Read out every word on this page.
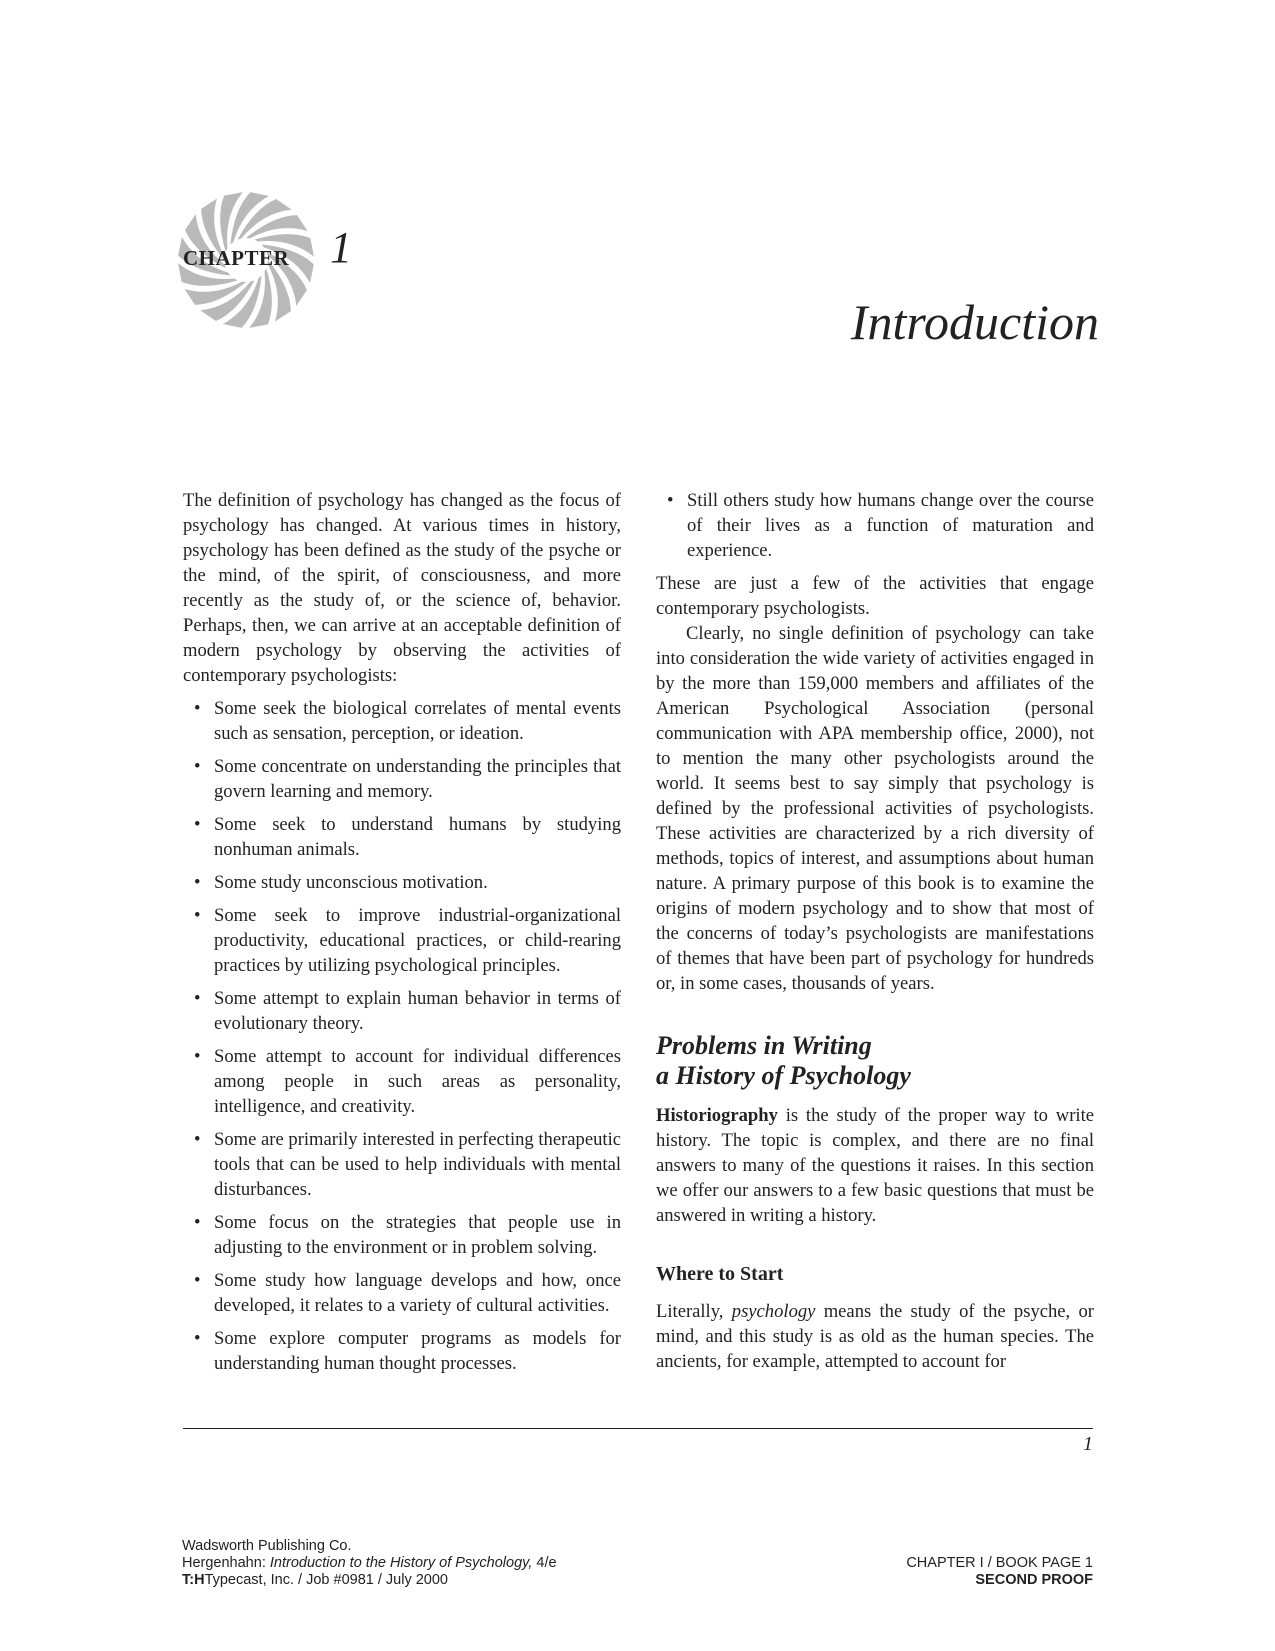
CHAPTER 1
Introduction

The definition of psychology has changed as the focus of psychology has changed. At various times in history, psychology has been defined as the study of the psyche or the mind, of the spirit, of consciousness, and more recently as the study of, or the science of, behavior. Perhaps, then, we can arrive at an acceptable definition of modern psychology by observing the activities of contemporary psychologists:

• Some seek the biological correlates of mental events such as sensation, perception, or ideation.
• Some concentrate on understanding the principles that govern learning and memory.
• Some seek to understand humans by studying nonhuman animals.
• Some study unconscious motivation.
• Some seek to improve industrial-organizational productivity, educational practices, or child-rearing practices by utilizing psychological principles.
• Some attempt to explain human behavior in terms of evolutionary theory.
• Some attempt to account for individual differences among people in such areas as personality, intelligence, and creativity.
• Some are primarily interested in perfecting therapeutic tools that can be used to help individuals with mental disturbances.
• Some focus on the strategies that people use in adjusting to the environment or in problem solving.
• Some study how language develops and how, once developed, it relates to a variety of cultural activities.
• Some explore computer programs as models for understanding human thought processes.
• Still others study how humans change over the course of their lives as a function of maturation and experience.

These are just a few of the activities that engage contemporary psychologists.

Clearly, no single definition of psychology can take into consideration the wide variety of activities engaged in by the more than 159,000 members and affiliates of the American Psychological Association (personal communication with APA membership office, 2000), not to mention the many other psychologists around the world. It seems best to say simply that psychology is defined by the professional activities of psychologists. These activities are characterized by a rich diversity of methods, topics of interest, and assumptions about human nature. A primary purpose of this book is to examine the origins of modern psychology and to show that most of the concerns of today’s psychologists are manifestations of themes that have been part of psychology for hundreds or, in some cases, thousands of years.

Problems in Writing
a History of Psychology

Historiography is the study of the proper way to write history. The topic is complex, and there are no final answers to many of the questions it raises. In this section we offer our answers to a few basic questions that must be answered in writing a history.

Where to Start

Literally, psychology means the study of the psyche, or mind, and this study is as old as the human species. The ancients, for example, attempted to account for

1
Wadsworth Publishing Co.
Hergenhahn: Introduction to the History of Psychology, 4/e
T:HTypecast, Inc. / Job #0981 / July 2000
CHAPTER I / BOOK PAGE 1
SECOND PROOF
